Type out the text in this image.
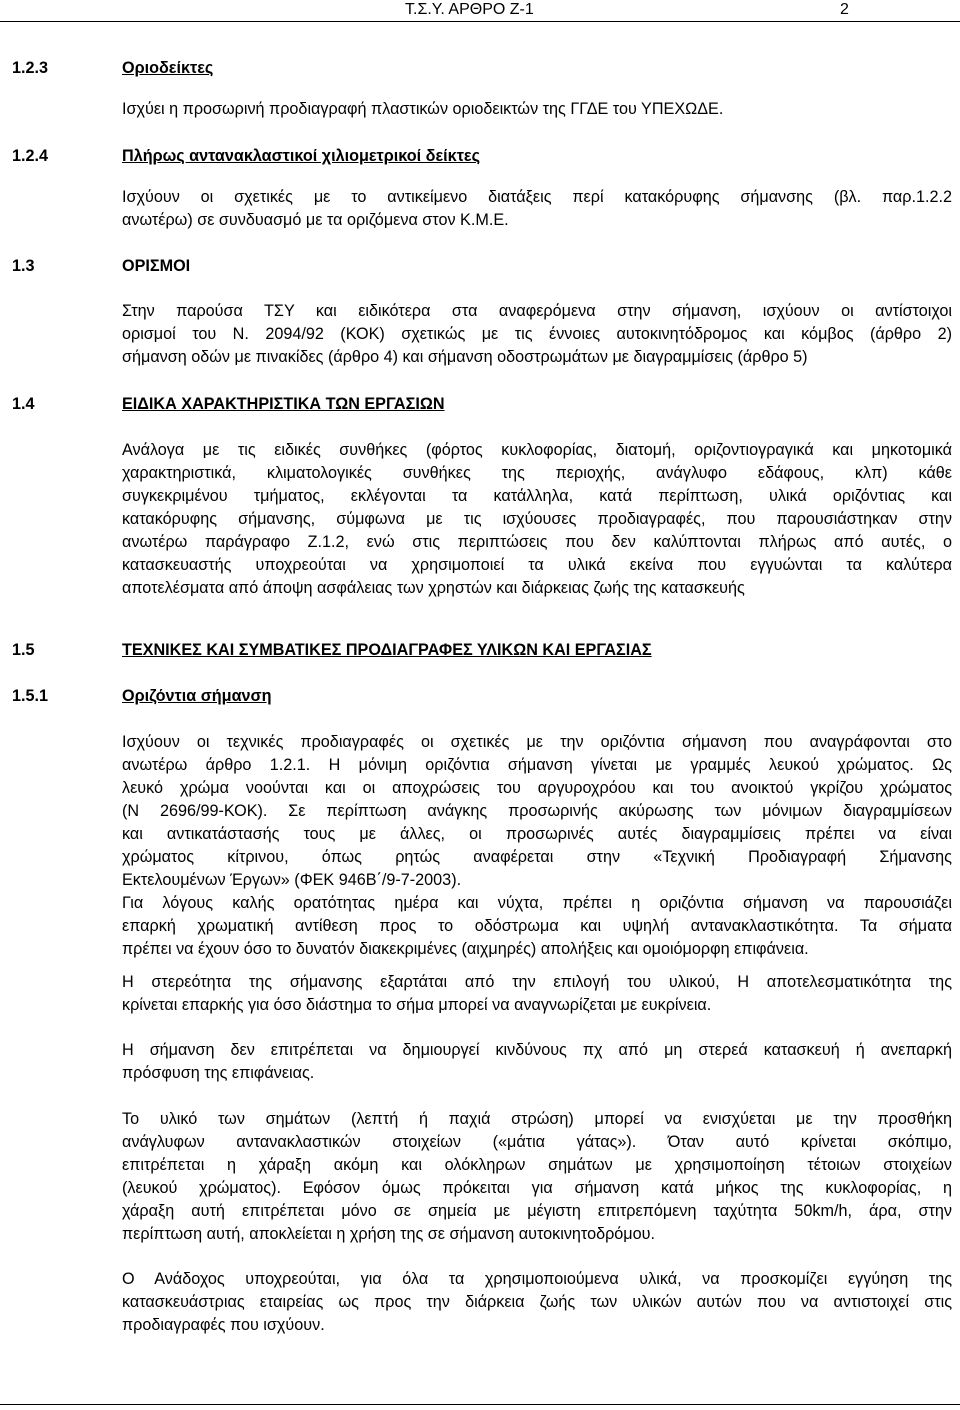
Τ.Σ.Υ. ΑΡΘΡΟ Ζ-1	2
1.2.3	Οριοδείκτες
Ισχύει η προσωρινή προδιαγραφή πλαστικών οριοδεικτών της ΓΓΔΕ του ΥΠΕΧΩΔΕ.
1.2.4	Πλήρως αντανακλαστικοί χιλιομετρικοί δείκτες
Ισχύουν οι σχετικές με το αντικείμενο διατάξεις περί κατακόρυφης σήμανσης (βλ. παρ.1.2.2
ανωτέρω) σε συνδυασμό με τα οριζόμενα στον Κ.Μ.Ε.
1.3	ΟΡΙΣΜΟΙ
Στην παρούσα ΤΣΥ και ειδικότερα στα αναφερόμενα στην σήμανση, ισχύουν οι αντίστοιχοι
ορισμοί του Ν. 2094/92 (ΚΟΚ) σχετικώς με τις έννοιες αυτοκινητόδρομος και κόμβος (άρθρο 2)
σήμανση οδών με πινακίδες (άρθρο 4) και σήμανση οδοστρωμάτων με διαγραμμίσεις (άρθρο 5)
1.4	ΕΙΔΙΚΑ ΧΑΡΑΚΤΗΡΙΣΤΙΚΑ ΤΩΝ ΕΡΓΑΣΙΩΝ
Ανάλογα με τις ειδικές συνθήκες (φόρτος κυκλοφορίας, διατομή, οριζοντιογραγικά και μηκοτομικά
χαρακτηριστικά, κλιματολογικές συνθήκες της περιοχής, ανάγλυφο εδάφους, κλπ) κάθε
συγκεκριμένου τμήματος, εκλέγονται τα κατάλληλα, κατά περίπτωση, υλικά οριζόντιας και
κατακόρυφης σήμανσης, σύμφωνα με τις ισχύουσες προδιαγραφές, που παρουσιάστηκαν στην
ανωτέρω παράγραφο Ζ.1.2, ενώ στις περιπτώσεις που δεν καλύπτονται πλήρως από αυτές, ο
κατασκευαστής υποχρεούται να χρησιμοποιεί τα υλικά εκείνα που εγγυώνται τα καλύτερα
αποτελέσματα από άποψη ασφάλειας των χρηστών και διάρκειας ζωής της κατασκευής
1.5	ΤΕΧΝΙΚΕΣ ΚΑΙ ΣΥΜΒΑΤΙΚΕΣ ΠΡΟΔΙΑΓΡΑΦΕΣ ΥΛΙΚΩΝ ΚΑΙ ΕΡΓΑΣΙΑΣ
1.5.1	Οριζόντια σήμανση
Ισχύουν οι τεχνικές προδιαγραφές οι σχετικές με την οριζόντια σήμανση που αναγράφονται στο
ανωτέρω άρθρο 1.2.1. Η μόνιμη οριζόντια σήμανση γίνεται με γραμμές λευκού χρώματος. Ως
λευκό χρώμα νοούνται και οι αποχρώσεις του αργυροχρόου και του ανοικτού γκρίζου χρώματος
(Ν 2696/99-ΚΟΚ). Σε περίπτωση ανάγκης προσωρινής ακύρωσης των μόνιμων διαγραμμίσεων
και αντικατάστασής τους με άλλες, οι προσωρινές αυτές διαγραμμίσεις πρέπει να είναι
χρώματος κίτρινου, όπως ρητώς αναφέρεται στην «Τεχνική Προδιαγραφή Σήμανσης
Εκτελουμένων Έργων» (ΦΕΚ 946Β΄/9-7-2003).
Για λόγους καλής ορατότητας ημέρα και νύχτα, πρέπει η οριζόντια σήμανση να παρουσιάζει
επαρκή χρωματική αντίθεση προς το οδόστρωμα και υψηλή αντανακλαστικότητα. Τα σήματα
πρέπει να έχουν όσο το δυνατόν διακεκριμένες (αιχμηρές) απολήξεις και ομοιόμορφη επιφάνεια.
Η στερεότητα της σήμανσης εξαρτάται από την επιλογή του υλικού, Η αποτελεσματικότητα της
κρίνεται επαρκής για όσο διάστημα το σήμα μπορεί να αναγνωρίζεται με ευκρίνεια.
Η σήμανση δεν επιτρέπεται να δημιουργεί κινδύνους πχ από μη στερεά κατασκευή ή ανεπαρκή
πρόσφυση της επιφάνειας.
Το υλικό των σημάτων (λεπτή ή παχιά στρώση) μπορεί να ενισχύεται με την προσθήκη
ανάγλυφων αντανακλαστικών στοιχείων («μάτια γάτας»). Όταν αυτό κρίνεται σκόπιμο,
επιτρέπεται η χάραξη ακόμη και ολόκληρων σημάτων με χρησιμοποίηση τέτοιων στοιχείων
(λευκού χρώματος). Εφόσον όμως πρόκειται για σήμανση κατά μήκος της κυκλοφορίας, η
χάραξη αυτή επιτρέπεται μόνο σε σημεία με μέγιστη επιτρεπόμενη ταχύτητα 50km/h, άρα, στην
περίπτωση αυτή, αποκλείεται η χρήση της σε σήμανση αυτοκινητοδρόμου.
Ο Ανάδοχος υποχρεούται, για όλα τα χρησιμοποιούμενα υλικά, να προσκομίζει εγγύηση της
κατασκευάστριας εταιρείας ως προς την διάρκεια ζωής των υλικών αυτών που να αντιστοιχεί στις
προδιαγραφές που ισχύουν.
